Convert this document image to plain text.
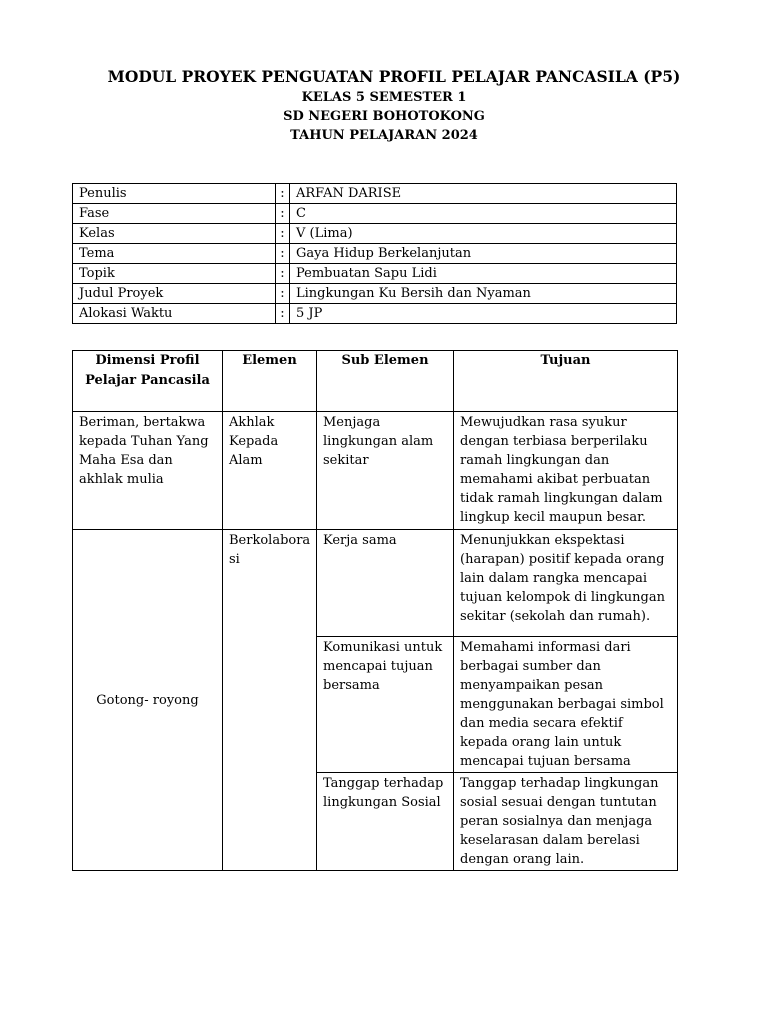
MODUL PROYEK PENGUATAN PROFIL PELAJAR PANCASILA (P5)
KELAS 5 SEMESTER 1
SD NEGERI BOHOTOKONG
TAHUN PELAJARAN 2024
Penulis	:	ARFAN DARISE
Fase	:	C
Kelas	:	V (Lima)
Tema	:	Gaya Hidup Berkelanjutan
Topik	:	Pembuatan Sapu Lidi
Judul Proyek	:	Lingkungan Ku Bersih dan Nyaman
Alokasi Waktu	:	5 JP
Dimensi Profil Pelajar Pancasila	Elemen	Sub Elemen	Tujuan
Beriman, bertakwa kepada Tuhan Yang Maha Esa dan akhlak mulia	Akhlak Kepada Alam	Menjaga lingkungan alam sekitar	Mewujudkan rasa syukur dengan terbiasa berperilaku ramah lingkungan dan memahami akibat perbuatan tidak ramah lingkungan dalam lingkup kecil maupun besar.
Gotong- royong	Berkolabora si	Kerja sama	Menunjukkan ekspektasi (harapan) positif kepada orang lain dalam rangka mencapai tujuan kelompok di lingkungan sekitar (sekolah dan rumah).
		Komunikasi untuk mencapai tujuan bersama	Memahami informasi dari berbagai sumber dan menyampaikan pesan menggunakan berbagai simbol dan media secara efektif kepada orang lain untuk mencapai tujuan bersama
		Tanggap terhadap lingkungan Sosial	Tanggap terhadap lingkungan sosial sesuai dengan tuntutan peran sosialnya dan menjaga keselarasan dalam berelasi dengan orang lain.
